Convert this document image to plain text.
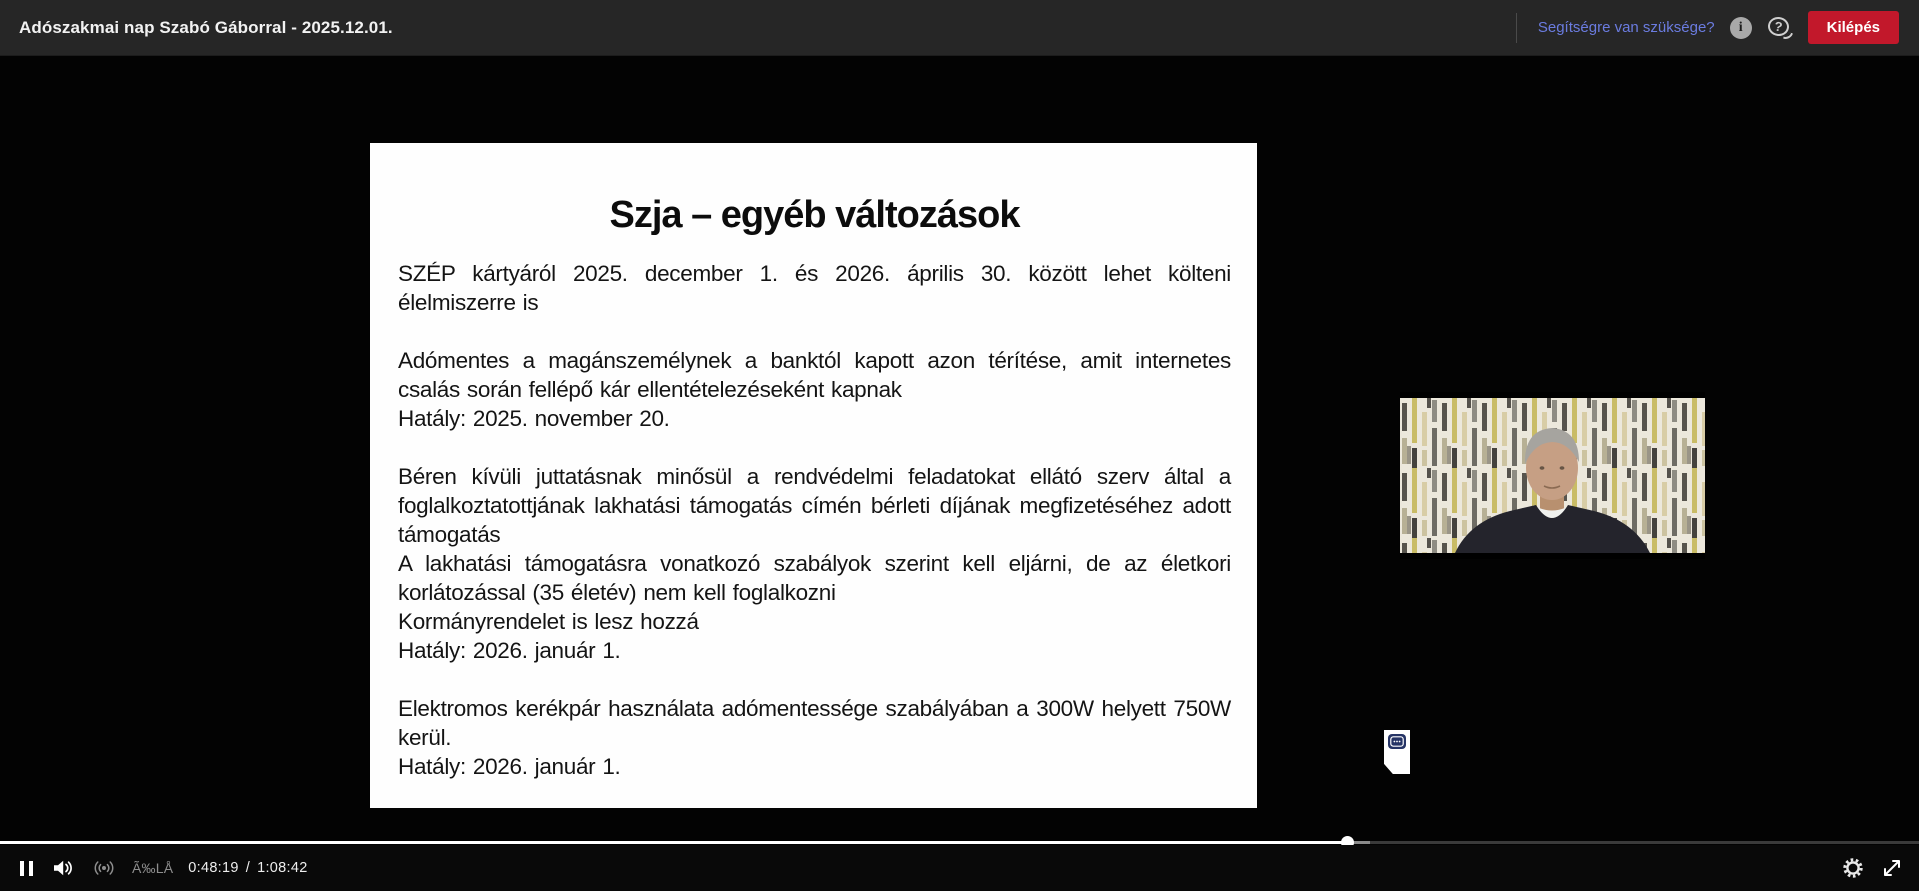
Adószakmai nap Szabó Gáborral - 2025.12.01.	Segítségre van szüksége?	i	?	Kilépés
Szja – egyéb változások

SZÉP kártyáról 2025. december 1. és 2026. április 30. között lehet költeni élelmiszerre is

Adómentes a magánszemélynek a banktól kapott azon térítése, amit internetes csalás során fellépő kár ellentételezéseként kapnak

Hatály: 2025. november 20.

Béren kívüli juttatásnak minősül a rendvédelmi feladatokat ellátó szerv által a foglalkoztatottjának lakhatási támogatás címén bérleti díjának megfizetéséhez adott támogatás

A lakhatási támogatásra vonatkozó szabályok szerint kell eljárni, de az életkori korlátozással (35 életév) nem kell foglalkozni

Kormányrendelet is lesz hozzá

Hatály: 2026. január 1.

Elektromos kerékpár használata adómentessége szabályában a 300W helyett 750W kerül.

Hatály: 2026. január 1.

Ã‰LÅ 0:48:19 / 1:08:42
